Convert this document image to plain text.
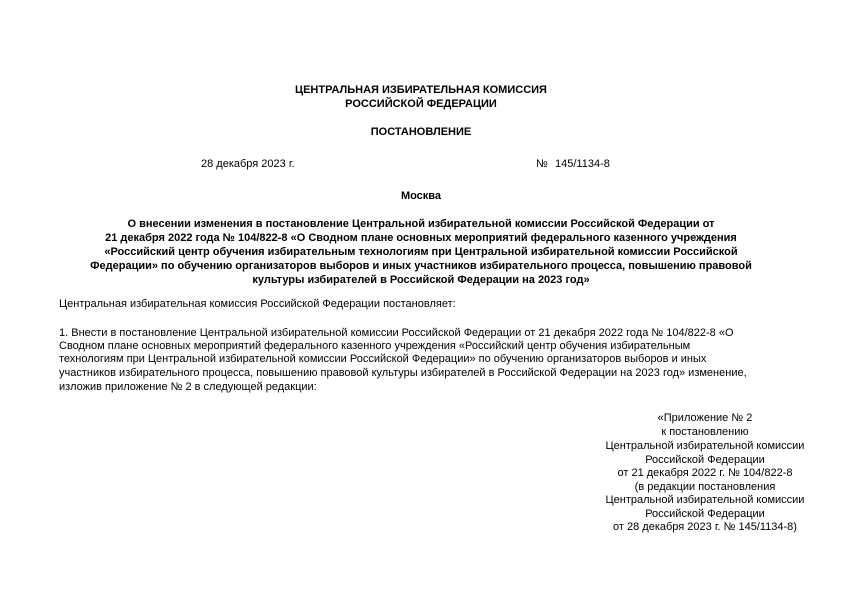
ЦЕНТРАЛЬНАЯ ИЗБИРАТЕЛЬНАЯ КОМИССИЯ
РОССИЙСКОЙ ФЕДЕРАЦИИ
ПОСТАНОВЛЕНИЕ
28 декабря 2023 г.	№ 145/1134-8
Москва
О внесении изменения в постановление Центральной избирательной комиссии Российской Федерации от
21 декабря 2022 года № 104/822-8 «О Сводном плане основных мероприятий федерального казенного учреждения
«Российский центр обучения избирательным технологиям при Центральной избирательной комиссии Российской
Федерации» по обучению организаторов выборов и иных участников избирательного процесса, повышению правовой
культуры избирателей в Российской Федерации на 2023 год»
Центральная избирательная комиссия Российской Федерации постановляет:
1. Внести в постановление Центральной избирательной комиссии Российской Федерации от 21 декабря 2022 года № 104/822-8 «О
Сводном плане основных мероприятий федерального казенного учреждения «Российский центр обучения избирательным
технологиям при Центральной избирательной комиссии Российской Федерации» по обучению организаторов выборов и иных
участников избирательного процесса, повышению правовой культуры избирателей в Российской Федерации на 2023 год» изменение,
изложив приложение № 2 в следующей редакции:
«Приложение № 2
к постановлению
Центральной избирательной комиссии
Российской Федерации
от 21 декабря 2022 г. № 104/822-8
(в редакции постановления
Центральной избирательной комиссии
Российской Федерации
от 28 декабря 2023 г. № 145/1134-8)
